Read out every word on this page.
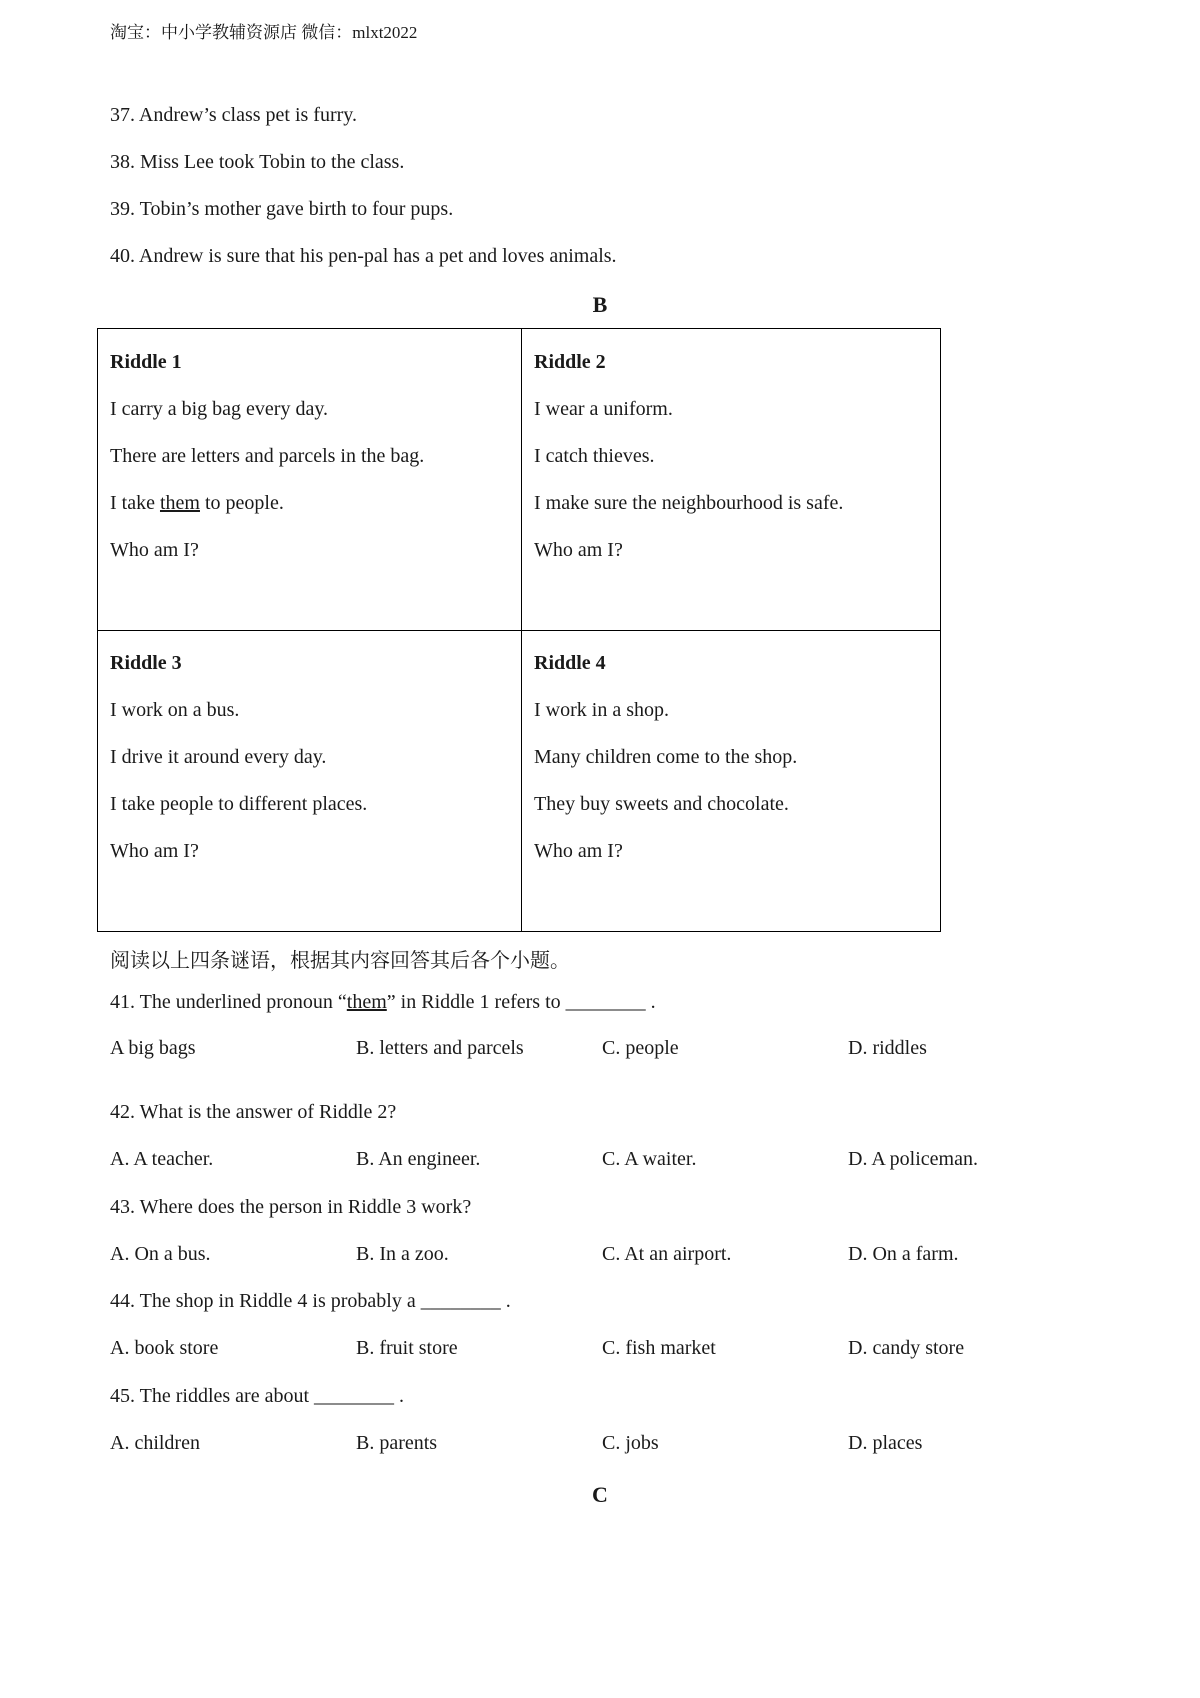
淘宝：中小学教辅资源店 微信：mlxt2022
37. Andrew’s class pet is furry.
38. Miss Lee took Tobin to the class.
39. Tobin’s mother gave birth to four pups.
40. Andrew is sure that his pen-pal has a pet and loves animals.
B
Riddle 1
I carry a big bag every day.
There are letters and parcels in the bag.
I take them to people.
Who am I?
Riddle 2
I wear a uniform.
I catch thieves.
I make sure the neighbourhood is safe.
Who am I?
Riddle 3
I work on a bus.
I drive it around every day.
I take people to different places.
Who am I?
Riddle 4
I work in a shop.
Many children come to the shop.
They buy sweets and chocolate.
Who am I?
阅读以上四条谜语，根据其内容回答其后各个小题。
41. The underlined pronoun “them” in Riddle 1 refers to ________ .
A big bags	B. letters and parcels	C. people	D. riddles
42. What is the answer of Riddle 2?
A. A teacher.	B. An engineer.	C. A waiter.	D. A policeman.
43. Where does the person in Riddle 3 work?
A. On a bus.	B. In a zoo.	C. At an airport.	D. On a farm.
44. The shop in Riddle 4 is probably a ________ .
A. book store	B. fruit store	C. fish market	D. candy store
45. The riddles are about ________ .
A. children	B. parents	C. jobs	D. places
C
